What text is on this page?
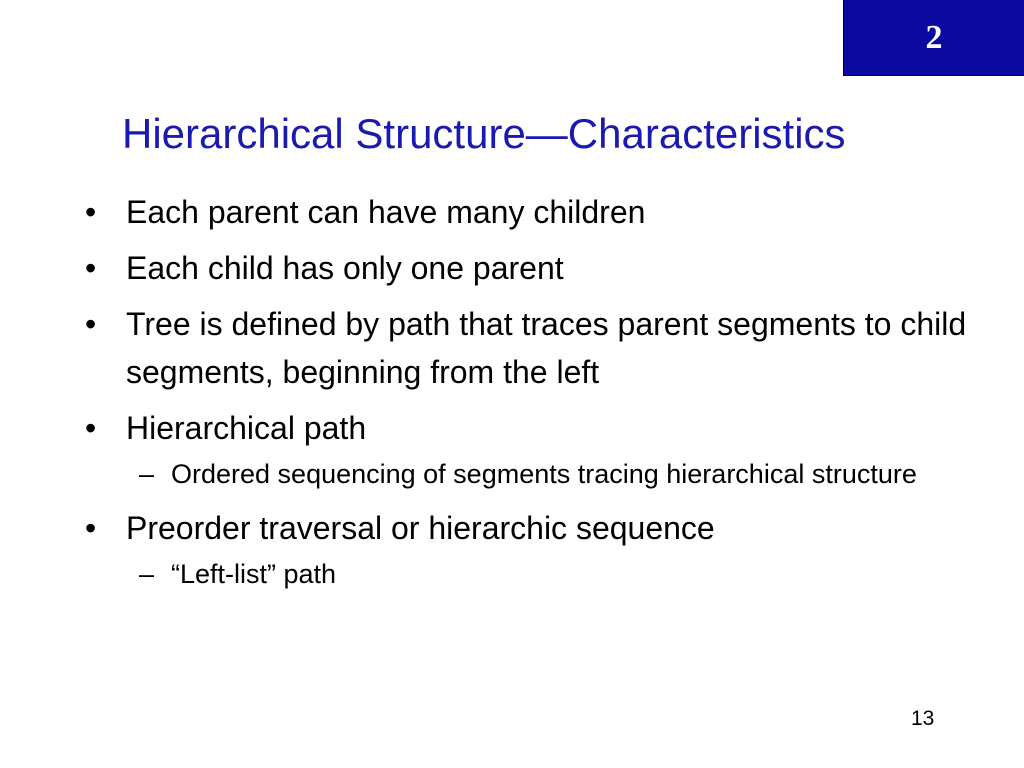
2
Hierarchical Structure—Characteristics
• Each parent can have many children
• Each child has only one parent
• Tree is defined by path that traces parent segments to child segments, beginning from the left
• Hierarchical path
– Ordered sequencing of segments tracing hierarchical structure
• Preorder traversal or hierarchic sequence
– “Left-list” path
13
